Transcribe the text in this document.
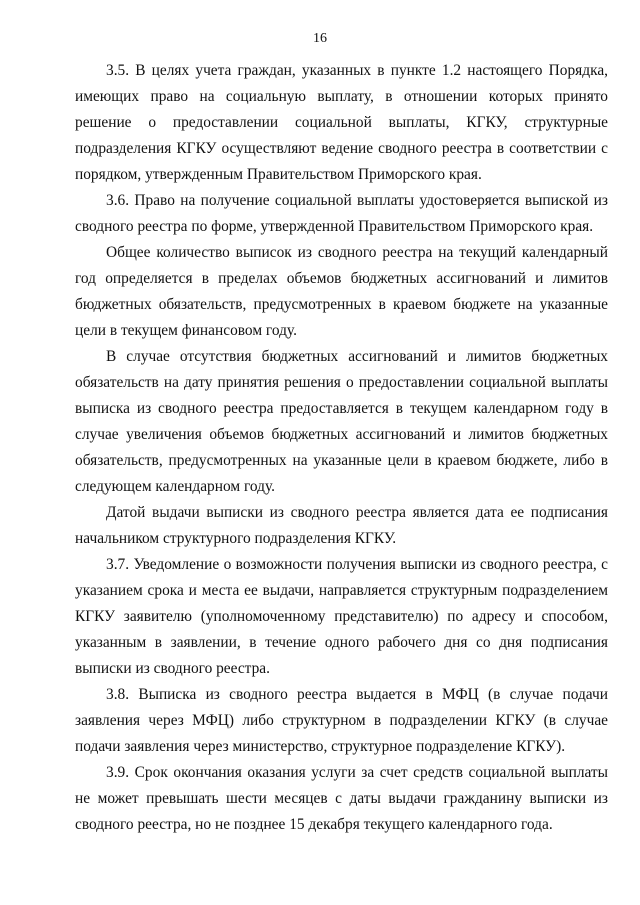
16

3.5. В целях учета граждан, указанных в пункте 1.2 настоящего Порядка, имеющих право на социальную выплату, в отношении которых принято решение о предоставлении социальной выплаты, КГКУ, структурные подразделения КГКУ осуществляют ведение сводного реестра в соответствии с порядком, утвержденным Правительством Приморского края.

3.6. Право на получение социальной выплаты удостоверяется выпиской из сводного реестра по форме, утвержденной Правительством Приморского края.

Общее количество выписок из сводного реестра на текущий календарный год определяется в пределах объемов бюджетных ассигнований и лимитов бюджетных обязательств, предусмотренных в краевом бюджете на указанные цели в текущем финансовом году.

В случае отсутствия бюджетных ассигнований и лимитов бюджетных обязательств на дату принятия решения о предоставлении социальной выплаты выписка из сводного реестра предоставляется в текущем календарном году в случае увеличения объемов бюджетных ассигнований и лимитов бюджетных обязательств, предусмотренных на указанные цели в краевом бюджете, либо в следующем календарном году.

Датой выдачи выписки из сводного реестра является дата ее подписания начальником структурного подразделения КГКУ.

3.7. Уведомление о возможности получения выписки из сводного реестра, с указанием срока и места ее выдачи, направляется структурным подразделением КГКУ заявителю (уполномоченному представителю) по адресу и способом, указанным в заявлении, в течение одного рабочего дня со дня подписания выписки из сводного реестра.

3.8. Выписка из сводного реестра выдается в МФЦ (в случае подачи заявления через МФЦ) либо структурном в подразделении КГКУ (в случае подачи заявления через министерство, структурное подразделение КГКУ).

3.9. Срок окончания оказания услуги за счет средств социальной выплаты не может превышать шести месяцев с даты выдачи гражданину выписки из сводного реестра, но не позднее 15 декабря текущего календарного года.
